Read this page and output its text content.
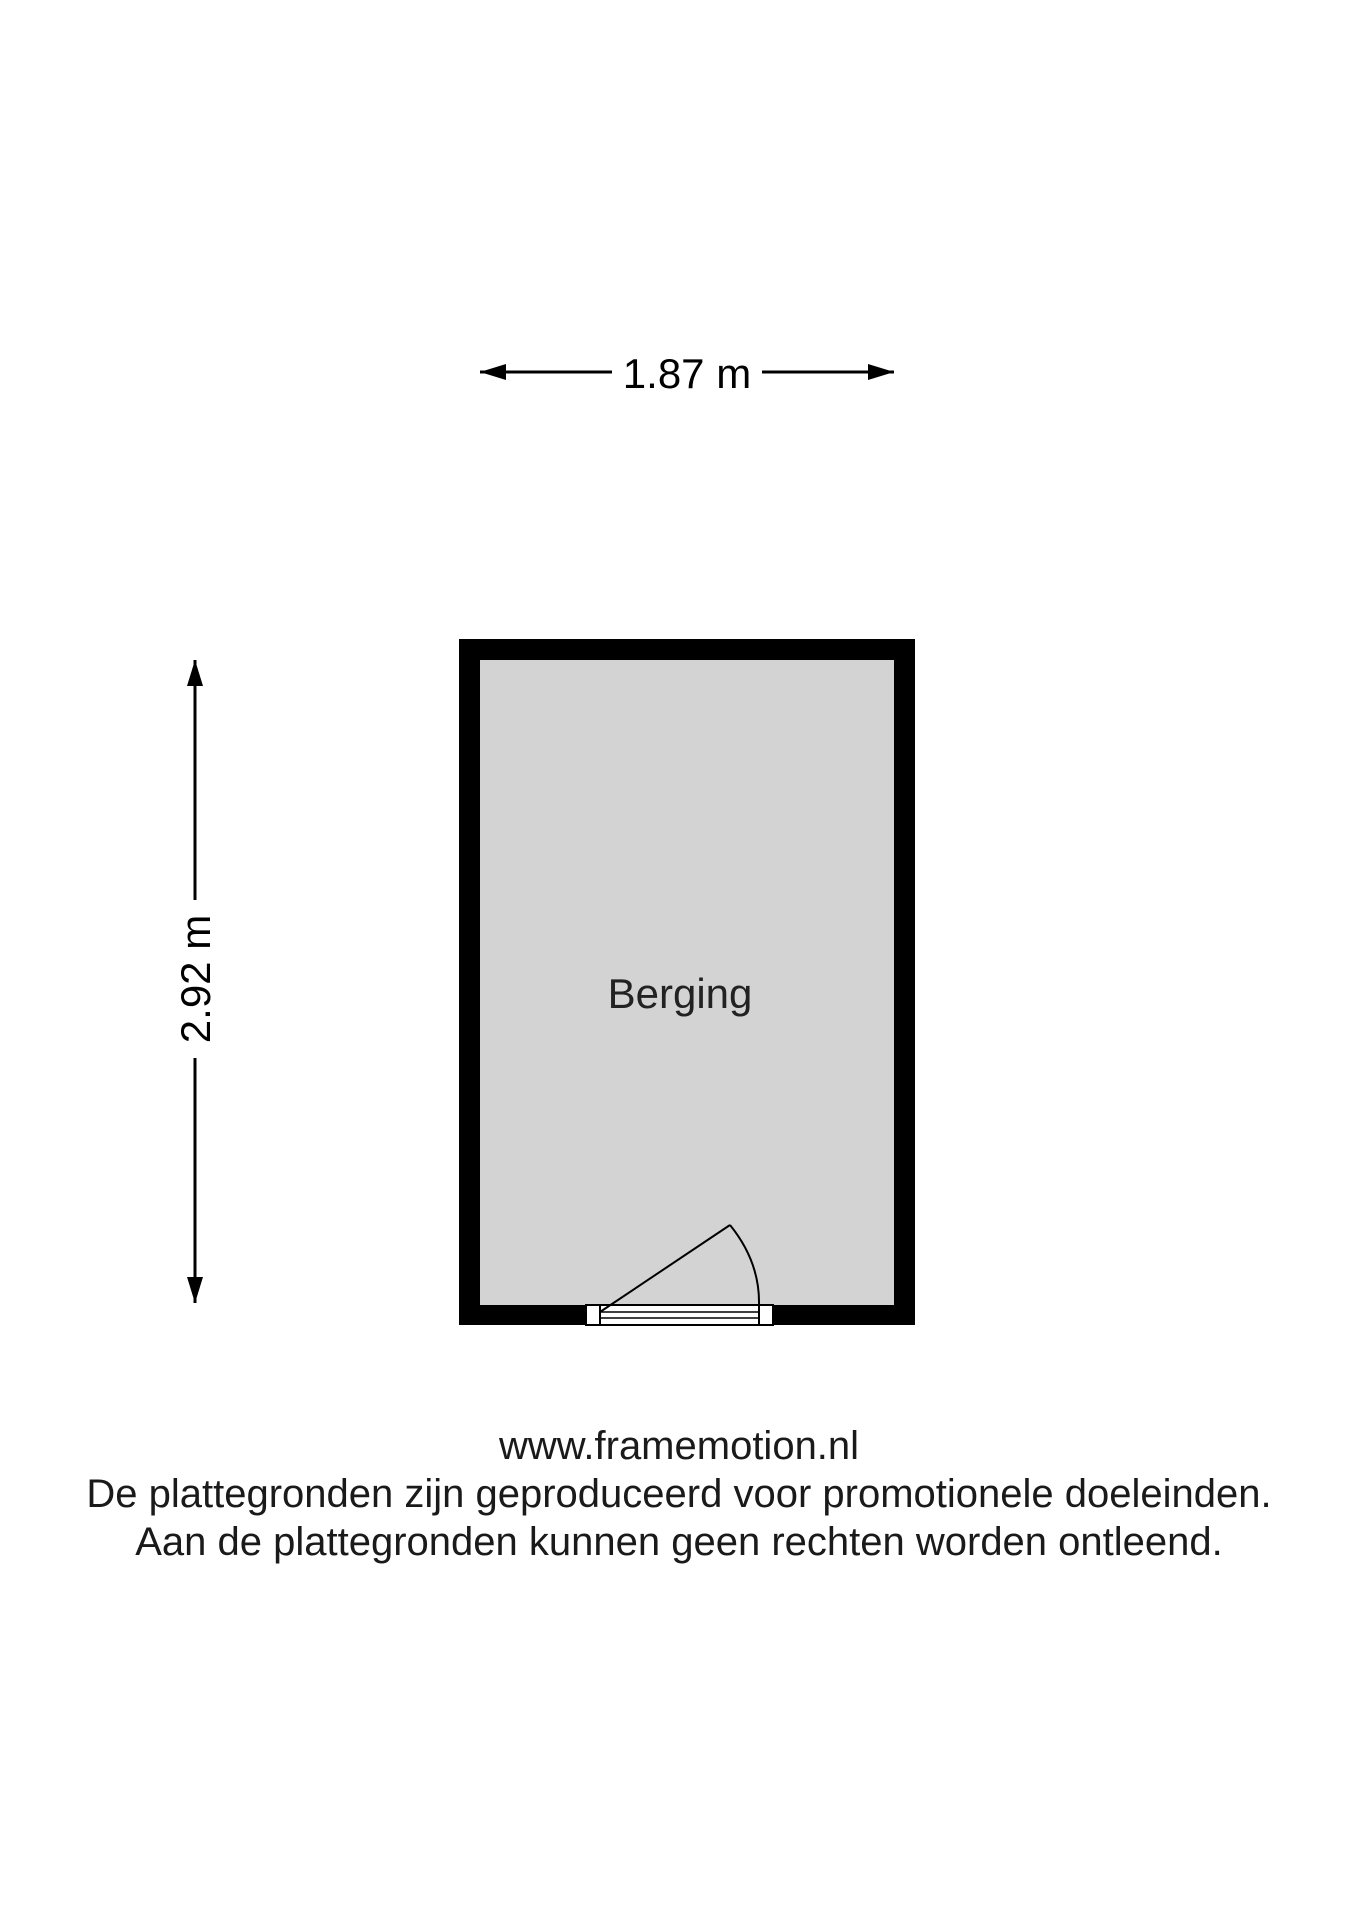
1.87 m
2.92 m	Berging
www.framemotion.nl
De plattegronden zijn geproduceerd voor promotionele doeleinden.
Aan de plattegronden kunnen geen rechten worden ontleend.
